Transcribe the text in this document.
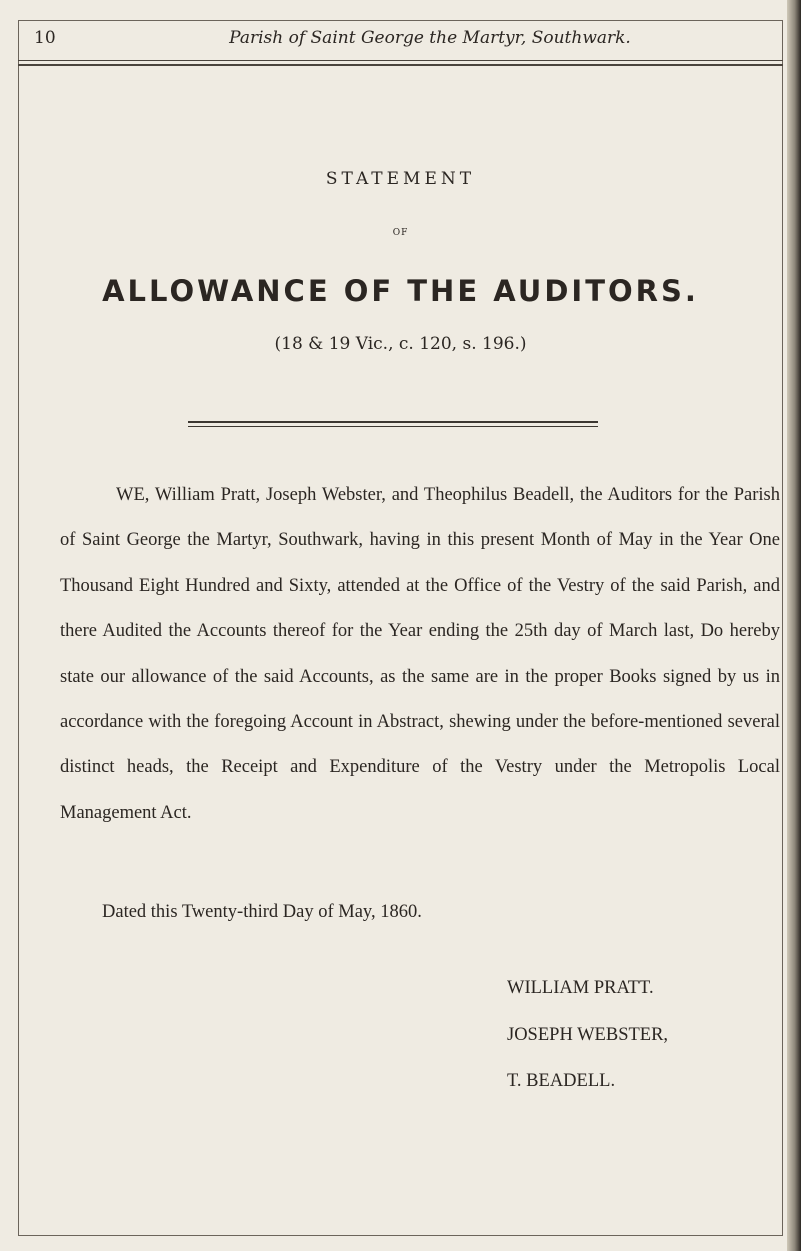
10	Parish of Saint George the Martyr, Southwark.
STATEMENT
OF
ALLOWANCE OF THE AUDITORS.
(18 & 19 Vic., c. 120, s. 196.)

WE, William Pratt, Joseph Webster, and Theophilus Beadell, the Auditors for the Parish of Saint George the Martyr, Southwark, having in this present Month of May in the Year One Thousand Eight Hundred and Sixty, attended at the Office of the Vestry of the said Parish, and there Audited the Accounts thereof for the Year ending the 25th day of March last, Do hereby state our allowance of the said Accounts, as the same are in the proper Books signed by us in accordance with the foregoing Account in Abstract, shewing under the before-mentioned several distinct heads, the Receipt and Expenditure of the Vestry under the Metropolis Local Management Act.

Dated this Twenty-third Day of May, 1860.
WILLIAM PRATT.
JOSEPH WEBSTER,
T. BEADELL.
